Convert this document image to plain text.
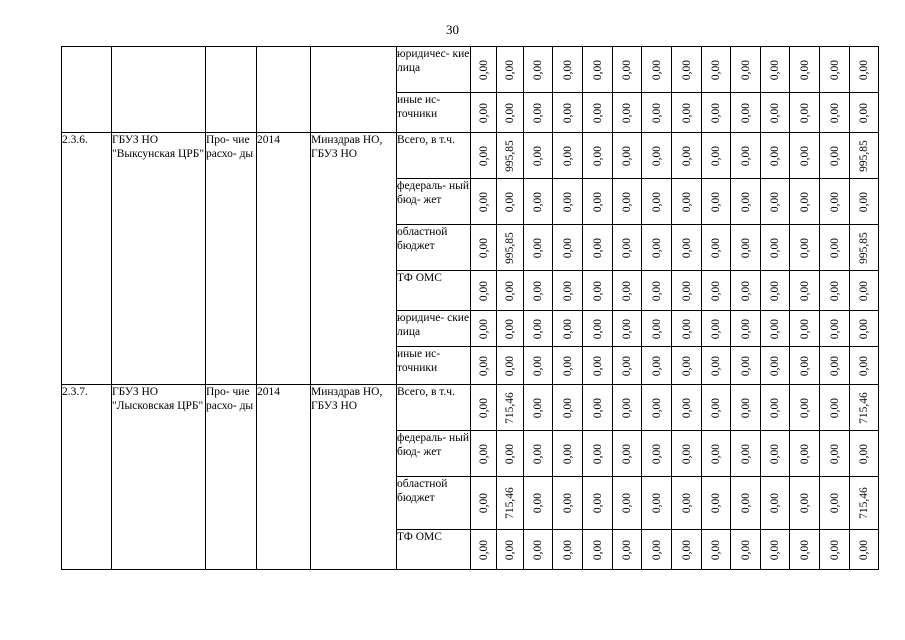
30

					юридичес- кие лица	0,00	0,00	0,00	0,00	0,00	0,00	0,00	0,00	0,00	0,00	0,00	0,00	0,00	0,00

					иные ис- точники	0,00	0,00	0,00	0,00	0,00	0,00	0,00	0,00	0,00	0,00	0,00	0,00	0,00	0,00

2.3.6.	ГБУЗ НО "Выксунская ЦРБ"	Про- чие расхо- ды	2014	Минздрав НО, ГБУЗ НО	Всего, в т.ч.	0,00	995,85	0,00	0,00	0,00	0,00	0,00	0,00	0,00	0,00	0,00	0,00	0,00	995,85

					федераль- ный бюд- жет	0,00	0,00	0,00	0,00	0,00	0,00	0,00	0,00	0,00	0,00	0,00	0,00	0,00	0,00

					областной бюджет	0,00	995,85	0,00	0,00	0,00	0,00	0,00	0,00	0,00	0,00	0,00	0,00	0,00	995,85

					ТФ ОМС	0,00	0,00	0,00	0,00	0,00	0,00	0,00	0,00	0,00	0,00	0,00	0,00	0,00	0,00

					юридиче- ские лица	0,00	0,00	0,00	0,00	0,00	0,00	0,00	0,00	0,00	0,00	0,00	0,00	0,00	0,00

					иные ис- точники	0,00	0,00	0,00	0,00	0,00	0,00	0,00	0,00	0,00	0,00	0,00	0,00	0,00	0,00

2.3.7.	ГБУЗ НО "Лысковская ЦРБ"	Про- чие расхо- ды	2014	Минздрав НО, ГБУЗ НО	Всего, в т.ч.	0,00	715,46	0,00	0,00	0,00	0,00	0,00	0,00	0,00	0,00	0,00	0,00	0,00	715,46

					федераль- ный бюд- жет	0,00	0,00	0,00	0,00	0,00	0,00	0,00	0,00	0,00	0,00	0,00	0,00	0,00	0,00

					областной бюджет	0,00	715,46	0,00	0,00	0,00	0,00	0,00	0,00	0,00	0,00	0,00	0,00	0,00	715,46

					ТФ ОМС	0,00	0,00	0,00	0,00	0,00	0,00	0,00	0,00	0,00	0,00	0,00	0,00	0,00	0,00
